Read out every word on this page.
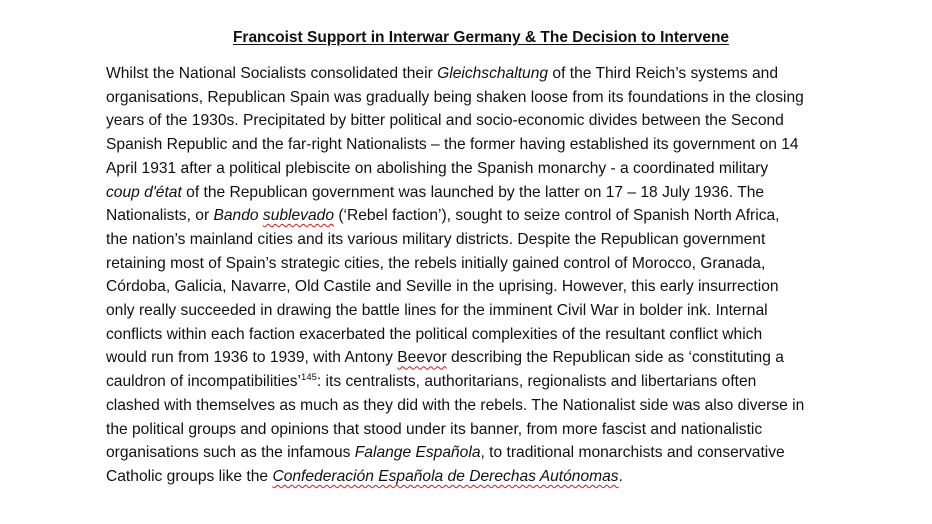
Francoist Support in Interwar Germany & The Decision to Intervene
Whilst the National Socialists consolidated their Gleichschaltung of the Third Reich’s systems and
organisations, Republican Spain was gradually being shaken loose from its foundations in the closing
years of the 1930s. Precipitated by bitter political and socio-economic divides between the Second
Spanish Republic and the far-right Nationalists – the former having established its government on 14
April 1931 after a political plebiscite on abolishing the Spanish monarchy - a coordinated military
coup d'état of the Republican government was launched by the latter on 17 – 18 July 1936. The
Nationalists, or Bando sublevado (‘Rebel faction’), sought to seize control of Spanish North Africa,
the nation’s mainland cities and its various military districts. Despite the Republican government
retaining most of Spain’s strategic cities, the rebels initially gained control of Morocco, Granada,
Córdoba, Galicia, Navarre, Old Castile and Seville in the uprising. However, this early insurrection
only really succeeded in drawing the battle lines for the imminent Civil War in bolder ink. Internal
conflicts within each faction exacerbated the political complexities of the resultant conflict which
would run from 1936 to 1939, with Antony Beevor describing the Republican side as ‘constituting a
cauldron of incompatibilities’$^{145}$: its centralists, authoritarians, regionalists and libertarians often
clashed with themselves as much as they did with the rebels. The Nationalist side was also diverse in
the political groups and opinions that stood under its banner, from more fascist and nationalistic
organisations such as the infamous Falange Española, to traditional monarchists and conservative
Catholic groups like the Confederación Española de Derechas Autónomas.
